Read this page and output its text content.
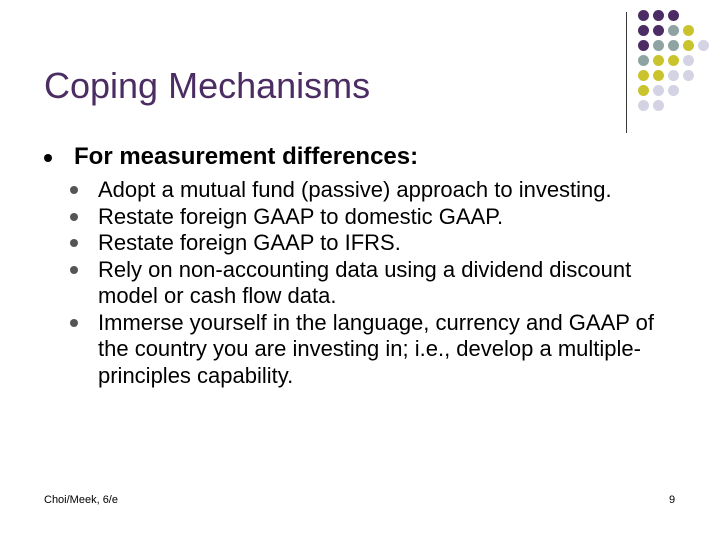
Coping Mechanisms
For measurement differences:
Adopt a mutual fund (passive) approach to investing.
Restate foreign GAAP to domestic GAAP.
Restate foreign GAAP to IFRS.
Rely on non-accounting data using a dividend discount model or cash flow data.
Immerse yourself in the language, currency and GAAP of the country you are investing in; i.e., develop a multiple-principles capability.
Choi/Meek, 6/e	9
